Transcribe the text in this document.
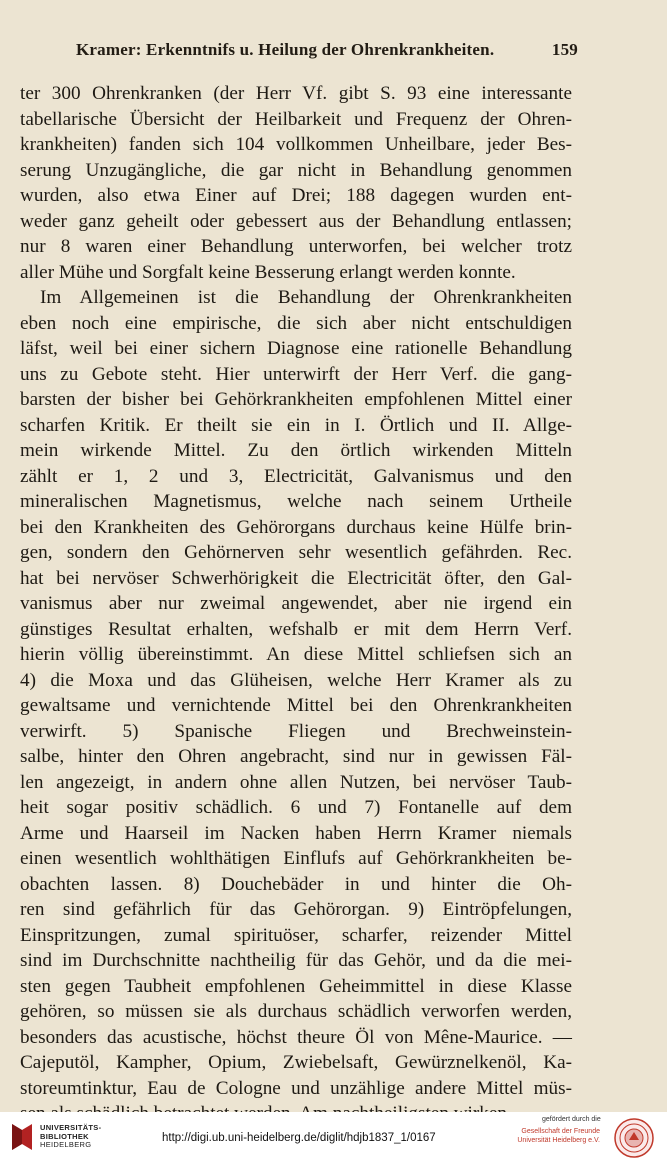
Kramer: Erkenntnifs u. Heilung der Ohrenkrankheiten.	159
ter 300 Ohrenkranken (der Herr Vf. gibt S. 93 eine interessante
tabellarische Übersicht der Heilbarkeit und Frequenz der Ohren-
krankheiten) fanden sich 104 vollkommen Unheilbare, jeder Bes-
serung Unzugängliche, die gar nicht in Behandlung genommen
wurden, also etwa Einer auf Drei; 188 dagegen wurden ent-
weder ganz geheilt oder gebessert aus der Behandlung entlassen;
nur 8 waren einer Behandlung unterworfen, bei welcher trotz
aller Mühe und Sorgfalt keine Besserung erlangt werden konnte.
Im Allgemeinen ist die Behandlung der Ohrenkrankheiten
eben noch eine empirische, die sich aber nicht entschuldigen
läfst, weil bei einer sichern Diagnose eine rationelle Behandlung
uns zu Gebote steht. Hier unterwirft der Herr Verf. die gang-
barsten der bisher bei Gehörkrankheiten empfohlenen Mittel einer
scharfen Kritik. Er theilt sie ein in I. Örtlich und II. Allge-
mein wirkende Mittel. Zu den örtlich wirkenden Mitteln
zählt er 1, 2 und 3, Electricität, Galvanismus und den
mineralischen Magnetismus, welche nach seinem Urtheile
bei den Krankheiten des Gehörorgans durchaus keine Hülfe brin-
gen, sondern den Gehörnerven sehr wesentlich gefährden. Rec.
hat bei nervöser Schwerhörigkeit die Electricität öfter, den Gal-
vanismus aber nur zweimal angewendet, aber nie irgend ein
günstiges Resultat erhalten, wefshalb er mit dem Herrn Verf.
hierin völlig übereinstimmt. An diese Mittel schliefsen sich an
4) die Moxa und das Glüheisen, welche Herr Kramer als zu
gewaltsame und vernichtende Mittel bei den Ohrenkrankheiten
verwirft. 5) Spanische Fliegen und Brechweinstein-
salbe, hinter den Ohren angebracht, sind nur in gewissen Fäl-
len angezeigt, in andern ohne allen Nutzen, bei nervöser Taub-
heit sogar positiv schädlich. 6 und 7) Fontanelle auf dem
Arme und Haarseil im Nacken haben Herrn Kramer niemals
einen wesentlich wohlthätigen Einflufs auf Gehörkrankheiten be-
obachten lassen. 8) Douchebäder in und hinter die Oh-
ren sind gefährlich für das Gehörorgan. 9) Eintröpfelungen,
Einspritzungen, zumal spirituöser, scharfer, reizender Mittel
sind im Durchschnitte nachtheilig für das Gehör, und da die mei-
sten gegen Taubheit empfohlenen Geheimmittel in diese Klasse
gehören, so müssen sie als durchaus schädlich verworfen werden,
besonders das acustische, höchst theure Öl von Mêne-Maurice. —
Cajeputöl, Kampher, Opium, Zwiebelsaft, Gewürznelkenöl, Ka-
storeumtinktur, Eau de Cologne und unzählige andere Mittel müs-
UNIVERSITÄTS-
BIBLIOTHEK
HEIDELBERG
http://digi.ub.uni-heidelberg.de/diglit/hdjb1837_1/0167
gefördert durch die
Gesellschaft der Freunde
Universität Heidelberg e.V.
